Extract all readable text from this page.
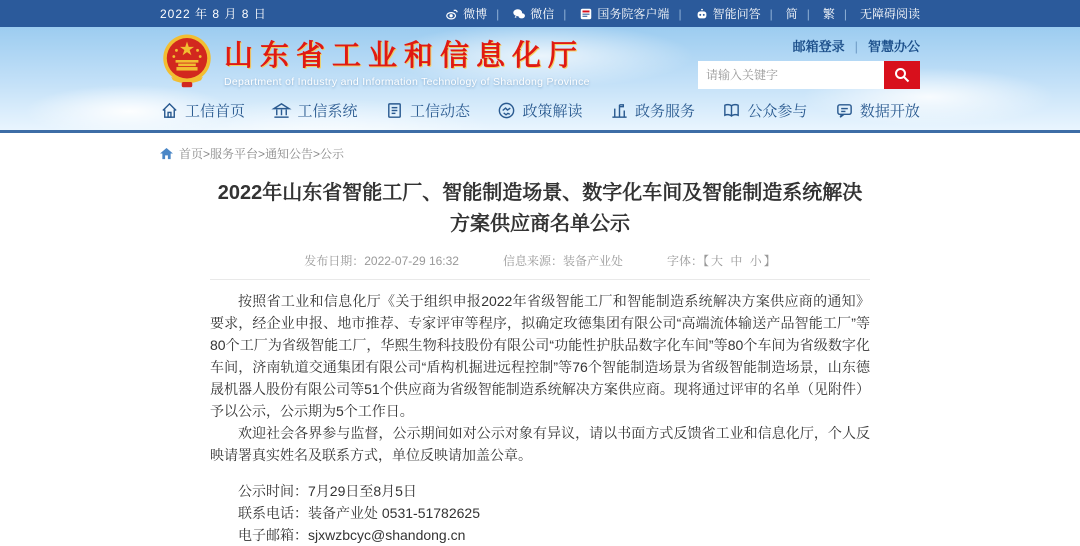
2022 年 8 月 8 日	微博	| 微信	| 国务院客户端	| 智能问答 | 简 | 繁 | 无障碍阅读
山东省工业和信息化厅
Department of Industry and Information Technology of Shandong Province
邮箱登录	| 智慧办公
请输入关键字
工信首页	工信系统	工信动态	政策解读	政务服务	公众参与	数据开放
首页>服务平台>通知公告>公示
2022年山东省智能工厂、智能制造场景、数字化车间及智能制造系统解决方案供应商名单公示
发布日期：2022-07-29 16:32	信息来源：装备产业处	字体：【 大 中 小 】

按照省工业和信息化厅《关于组织申报2022年省级智能工厂和智能制造系统解决方案供应商的通知》要求，经企业申报、地市推荐、专家评审等程序，拟确定玫德集团有限公司“高端流体输送产品智能工厂”等80个工厂为省级智能工厂，华熙生物科技股份有限公司“功能性护肤品数字化车间”等80个车间为省级数字化车间，济南轨道交通集团有限公司“盾构机掘进远程控制”等76个智能制造场景为省级智能制造场景，山东德晟机器人股份有限公司等51个供应商为省级智能制造系统解决方案供应商。现将通过评审的名单（见附件）予以公示，公示期为5个工作日。

欢迎社会各界参与监督，公示期间如对公示对象有异议，请以书面方式反馈省工业和信息化厅，个人反映请署真实姓名及联系方式，单位反映请加盖公章。

公示时间：7月29日至8月5日

联系电话：装备产业处 0531-51782625

电子邮箱：sjxwzbcyc@shandong.cn
